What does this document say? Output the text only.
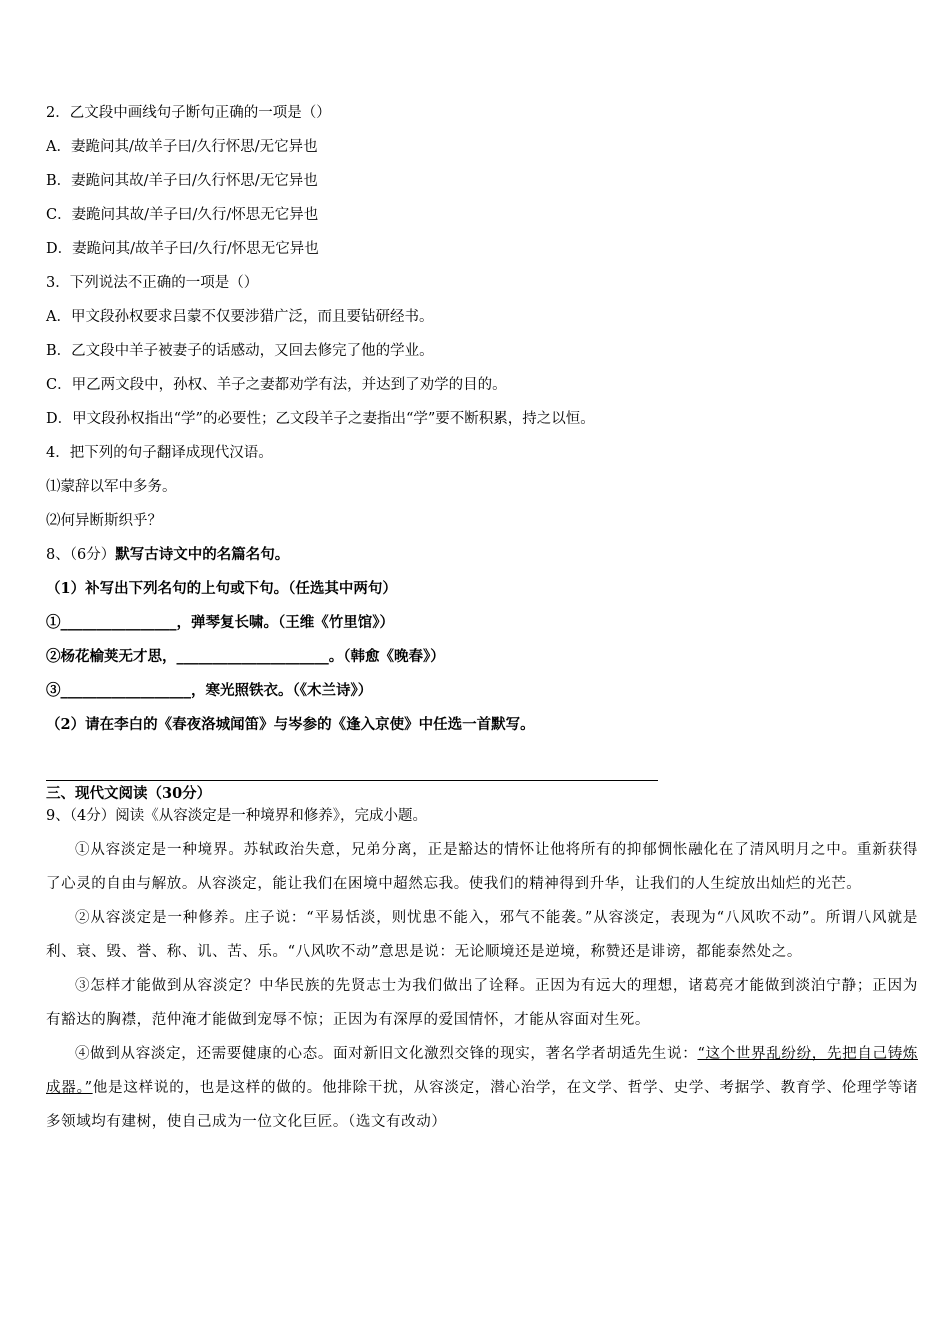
2．乙文段中画线句子断句正确的一项是（）
A．妻跪问其/故羊子曰/久行怀思/无它异也
B．妻跪问其故/羊子曰/久行怀思/无它异也
C．妻跪问其故/羊子曰/久行/怀思无它异也
D．妻跪问其/故羊子曰/久行/怀思无它异也
3．下列说法不正确的一项是（）
A．甲文段孙权要求吕蒙不仅要涉猎广泛，而且要钻研经书。
B．乙文段中羊子被妻子的话感动，又回去修完了他的学业。
C．甲乙两文段中，孙权、羊子之妻都劝学有法，并达到了劝学的目的。
D．甲文段孙权指出“学”的必要性；乙文段羊子之妻指出“学”要不断积累，持之以恒。
4．把下列的句子翻译成现代汉语。
⑴蒙辞以军中多务。
⑵何异断斯织乎？
8、（6分）默写古诗文中的名篇名句。
（1）补写出下列名句的上句或下句。（任选其中两句）
①________________，弹琴复长啸。（王维《竹里馆》）
②杨花榆荚无才思，_____________________。（韩愈《晚春》）
③__________________，寒光照铁衣。（《木兰诗》）
（2）请在李白的《春夜洛城闻笛》与岑参的《逢入京使》中任选一首默写。
三、现代文阅读（30分）
9、（4分）阅读《从容淡定是一种境界和修养》，完成小题。
①从容淡定是一种境界。苏轼政治失意，兄弟分离，正是豁达的情怀让他将所有的抑郁惆怅融化在了清风明月之中。重新获得了心灵的自由与解放。从容淡定，能让我们在困境中超然忘我。使我们的精神得到升华，让我们的人生绽放出灿烂的光芒。
②从容淡定是一种修养。庄子说：“平易恬淡，则忧患不能入，邪气不能袭。”从容淡定，表现为“八风吹不动”。所谓八风就是利、衰、毁、誉、称、讥、苦、乐。“八风吹不动”意思是说：无论顺境还是逆境，称赞还是诽谤，都能泰然处之。
③怎样才能做到从容淡定？中华民族的先贤志士为我们做出了诠释。正因为有远大的理想，诸葛亮才能做到淡泊宁静；正因为有豁达的胸襟，范仲淹才能做到宠辱不惊；正因为有深厚的爱国情怀，才能从容面对生死。
④做到从容淡定，还需要健康的心态。面对新旧文化激烈交锋的现实，著名学者胡适先生说：“这个世界乱纷纷，先把自己铸炼成器。”他是这样说的，也是这样的做的。他排除干扰，从容淡定，潜心治学，在文学、哲学、史学、考据学、教育学、伦理学等诸多领域均有建树，使自己成为一位文化巨匠。（选文有改动）
